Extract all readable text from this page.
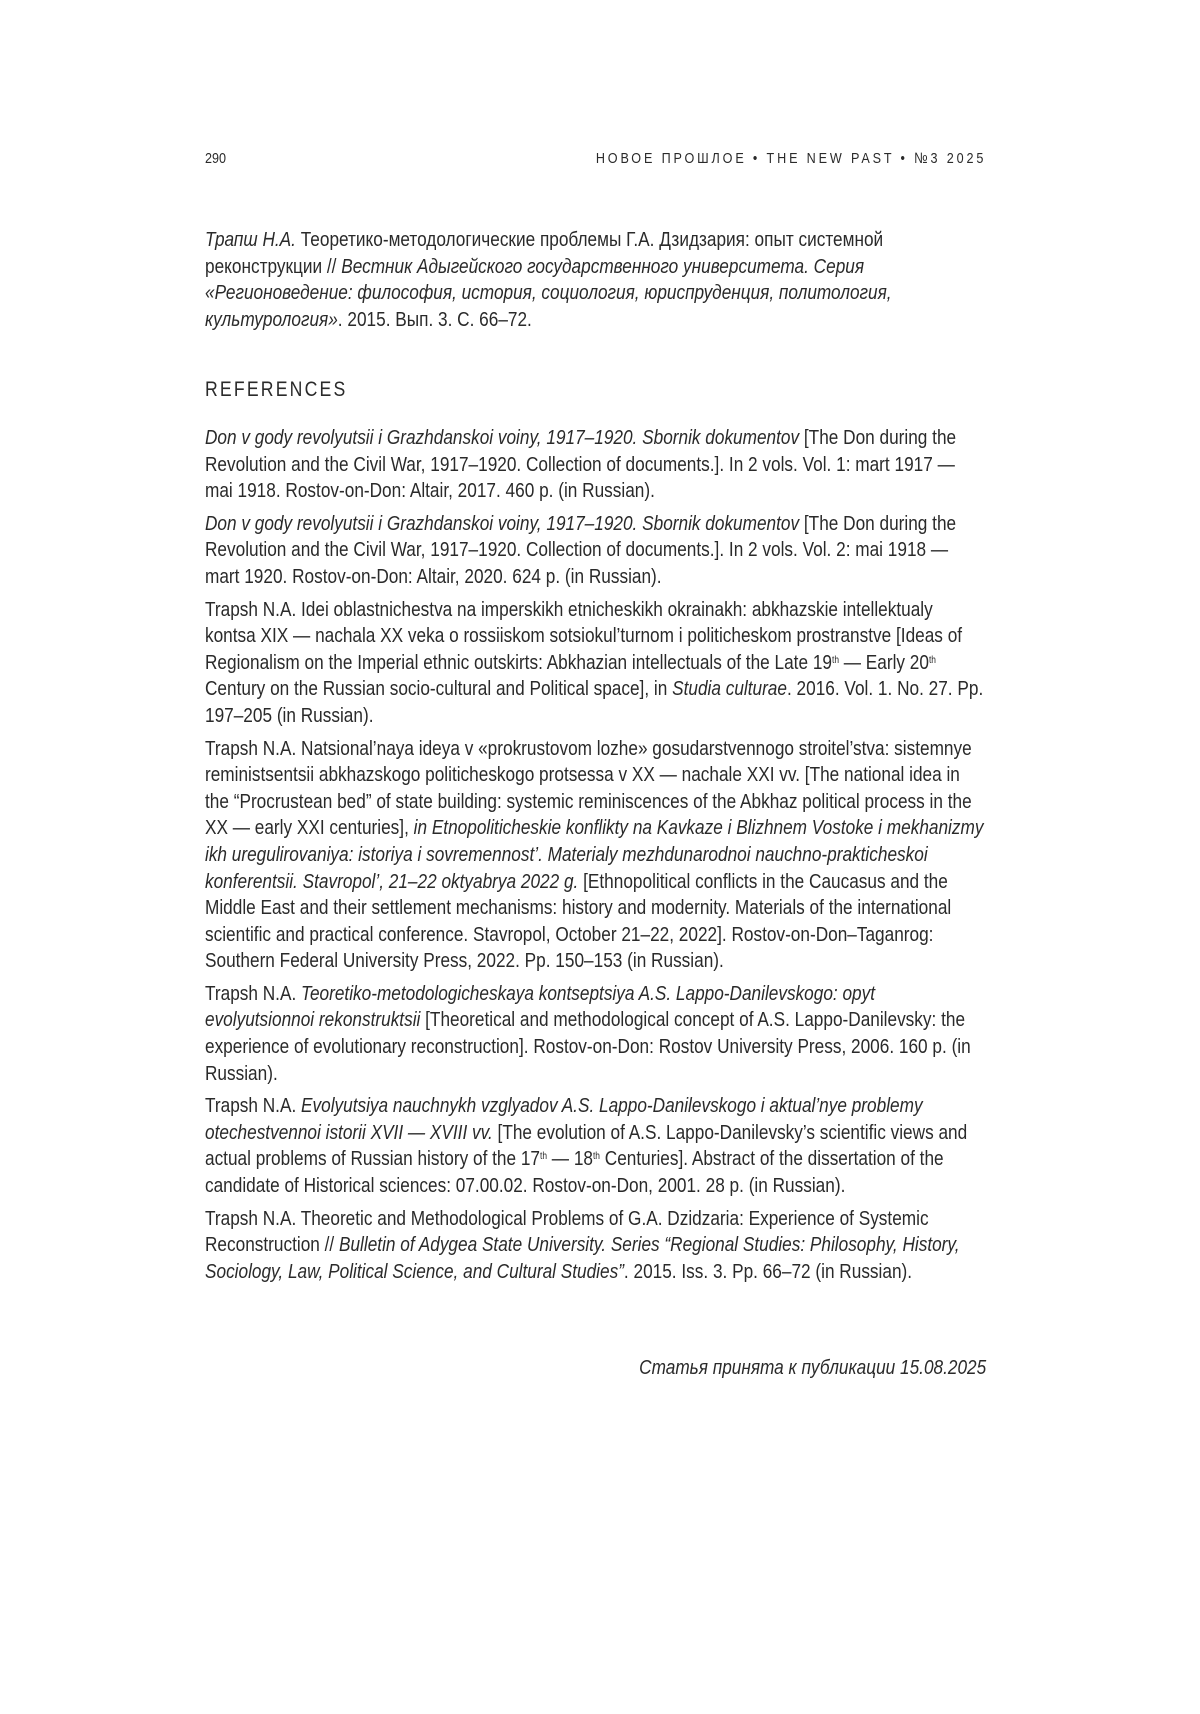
290	НОВОЕ ПРОШЛОЕ • THE NEW PAST • №3 2025
Трапш Н.А. Теоретико-методологические проблемы Г.А. Дзидзария: опыт систем­ной реконструкции // Вестник Адыгейского государственного университета. Серия «Регионоведение: философия, история, социология, юриспруденция, политология, культурология». 2015. Вып. 3. С. 66–72.
REFERENCES

Don v gody revolyutsii i Grazhdanskoi voiny, 1917–1920. Sbornik dokumentov [The Don during the Revolution and the Civil War, 1917–1920. Collection of documents.]. In 2 vols. Vol. 1: mart 1917 — mai 1918. Rostov-on-Don: Altair, 2017. 460 p. (in Russian).

Don v gody revolyutsii i Grazhdanskoi voiny, 1917–1920. Sbornik dokumentov [The Don during the Revolution and the Civil War, 1917–1920. Collection of documents.]. In 2 vols. Vol. 2: mai 1918 — mart 1920. Rostov-on-Don: Altair, 2020. 624 p. (in Russian).

Trapsh N.A. Idei oblastnichestva na imperskikh etnicheskikh okrainakh: abkhazskie intellektualy kontsa XIX — nachala XX veka o rossiiskom sotsiokul’turnom i politicheskom prostranstve [Ideas of Regionalism on the Imperial ethnic outskirts: Abkhazian intellectuals of the Late 19th — Early 20th Century on the Russian socio-cultural and Political space], in Studia culturae. 2016. Vol. 1. No. 27. Pp. 197–205 (in Russian).

Trapsh N.A. Natsional’naya ideya v «prokrustovom lozhe» gosudarstvennogo stroitel’stva: sistemnye reministsentsii abkhazskogo politicheskogo protsessa v XX — nachale XXI vv. [The national idea in the “Procrustean bed” of state building: systemic reminiscences of the Abkhaz political process in the XX — early XXI centuries], in Etnopoliticheskie konflikty na Kavkaze i Blizhnem Vostoke i mekhanizmy ikh uregulirovaniya: istoriya i sovremennost’. Materialy mezhdunarodnoi nauchno-prakticheskoi konferentsii. Stavropol’, 21–22 oktyabrya 2022 g. [Ethnopolitical conflicts in the Caucasus and the Middle East and their settlement mechanisms: history and modernity. Materials of the international scientific and practical conference. Stavropol, October 21–22, 2022]. Rostov-on-Don–Taganrog: Southern Federal University Press, 2022. Pp. 150–153 (in Russian).

Trapsh N.A. Teoretiko-metodologicheskaya kontseptsiya A.S. Lappo-Danilevskogo: opyt evolyutsionnoi rekonstruktsii [Theoretical and methodological concept of A.S. Lappo-Danilevsky: the experience of evolutionary reconstruction]. Rostov-on-Don: Rostov University Press, 2006. 160 p. (in Russian).

Trapsh N.A. Evolyutsiya nauchnykh vzglyadov A.S. Lappo-Danilevskogo i aktual’nye prob­lemy otechestvennoi istorii XVII — XVIII vv. [The evolution of A.S. Lappo-Danilevsky’s scien­tific views and actual problems of Russian history of the 17th — 18th Centuries]. Abstract of the dissertation of the candidate of Historical sciences: 07.00.02. Rostov-on-Don, 2001. 28 p. (in Russian).

Trapsh N.A. Theoretic and Methodological Problems of G.A. Dzidzaria: Experience of Systemic Reconstruction // Bulletin of Adygea State University. Series “Regional Studies: Philosophy, History, Sociology, Law, Political Science, and Cultural Studies”. 2015. Iss. 3. Pp. 66–72 (in Russian).

Статья принята к публикации 15.08.2025
